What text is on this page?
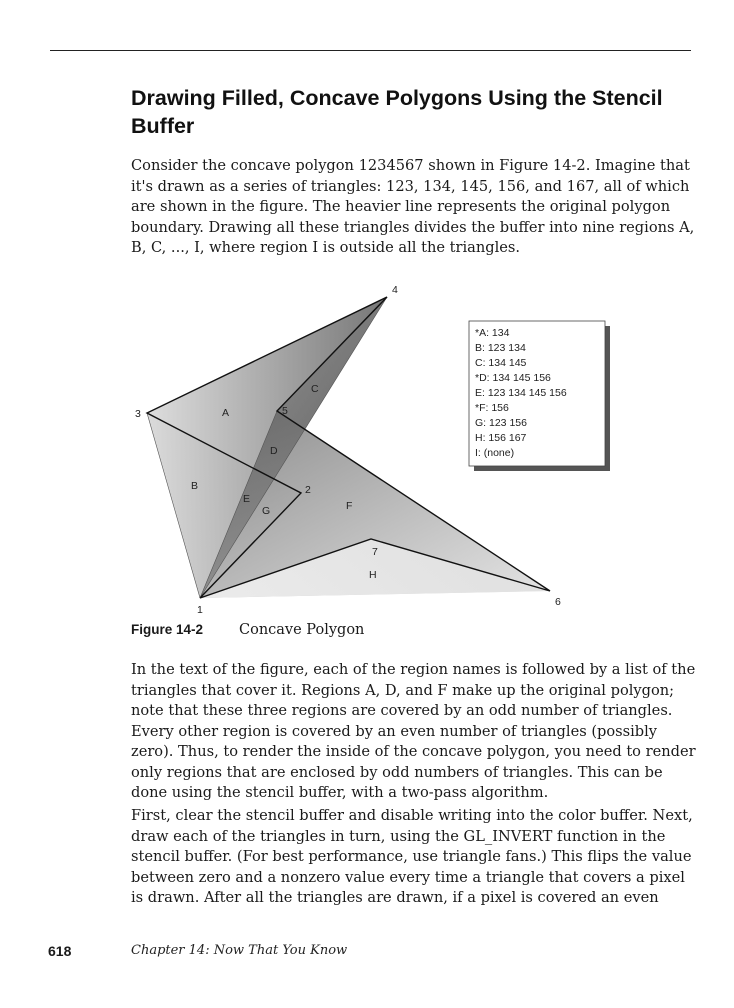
Drawing Filled, Concave Polygons Using the Stencil Buffer

Consider the concave polygon 1234567 shown in Figure 14-2. Imagine that it's drawn as a series of triangles: 123, 134, 145, 156, and 167, all of which are shown in the figure. The heavier line represents the original polygon boundary. Drawing all these triangles divides the buffer into nine regions A, B, C, ..., I, where region I is outside all the triangles.

1
2
3
4
5
6
7
A
B
C
D
E
F
G
H
*A: 134
B: 123 134
C: 134 145
*D: 134 145 156
E: 123 134 145 156
*F: 156
G: 123 156
H: 156 167
I: (none)
Figure 14-2 Concave Polygon

In the text of the figure, each of the region names is followed by a list of the triangles that cover it. Regions A, D, and F make up the original polygon; note that these three regions are covered by an odd number of triangles. Every other region is covered by an even number of triangles (possibly zero). Thus, to render the inside of the concave polygon, you need to render only regions that are enclosed by odd numbers of triangles. This can be done using the stencil buffer, with a two-pass algorithm.

First, clear the stencil buffer and disable writing into the color buffer. Next, draw each of the triangles in turn, using the GL_INVERT function in the stencil buffer. (For best performance, use triangle fans.) This flips the value between zero and a nonzero value every time a triangle that covers a pixel is drawn. After all the triangles are drawn, if a pixel is covered an even

618	Chapter 14: Now That You Know
